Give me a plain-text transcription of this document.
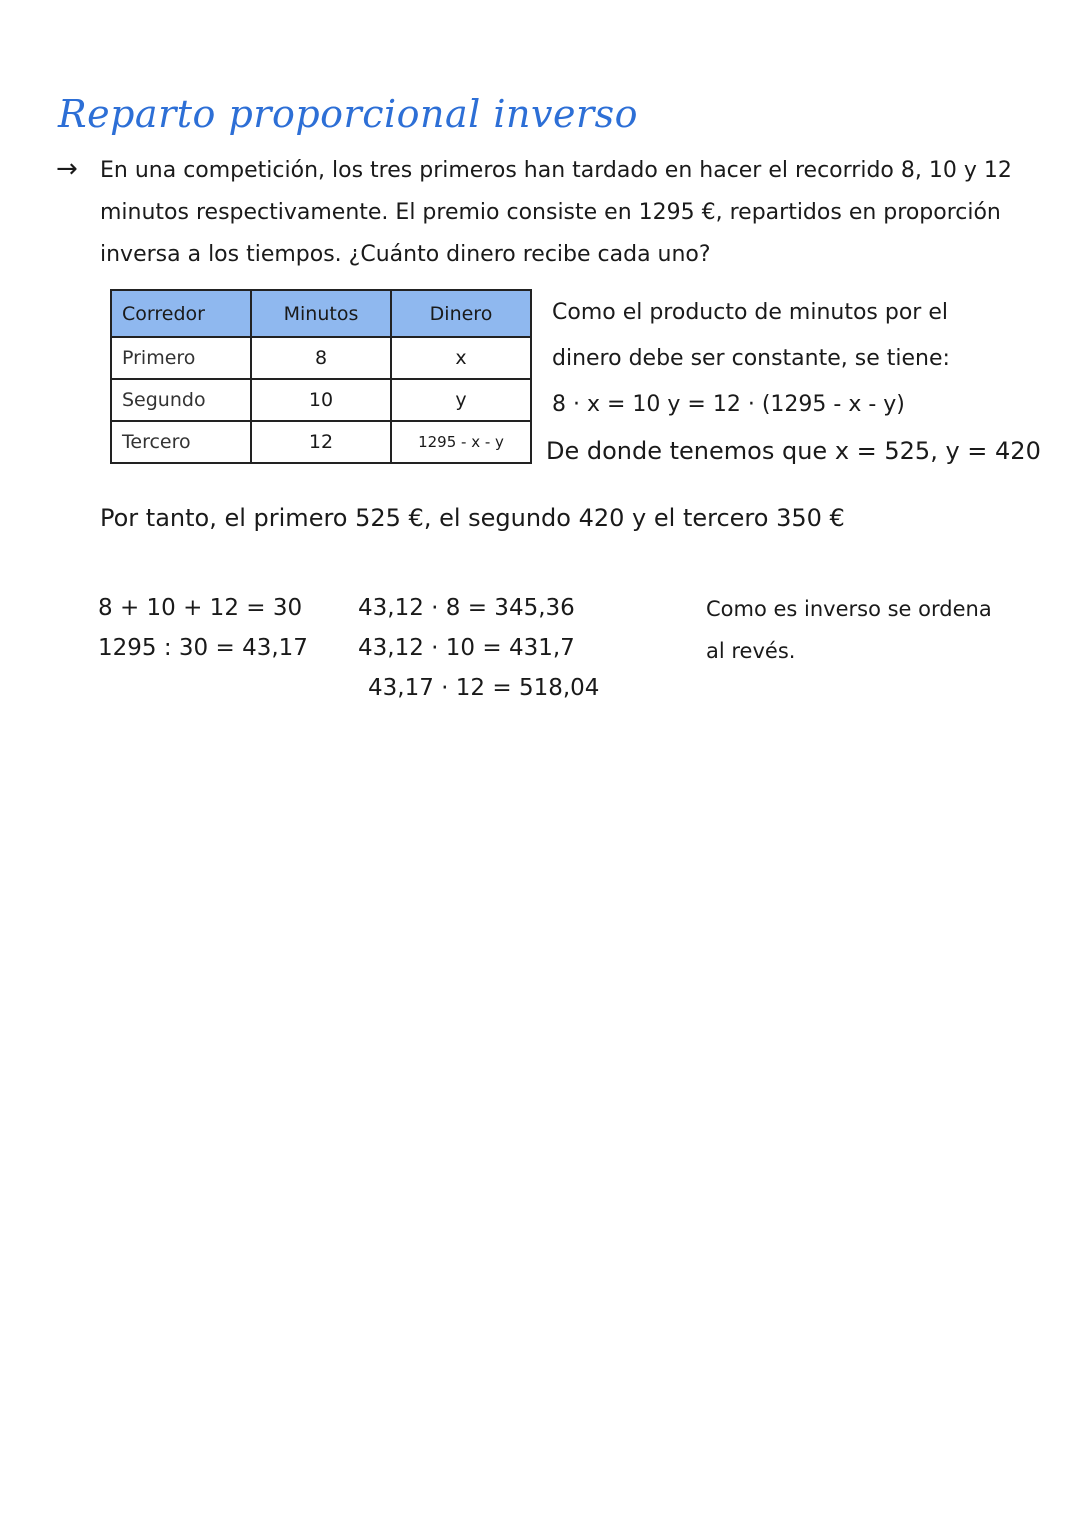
Reparto proporcional inverso
→ En una competición, los tres primeros han tardado en hacer el recorrido 8, 10 y 12
minutos respectivamente. El premio consiste en 1295 €, repartidos en proporción
inversa a los tiempos. ¿Cuánto dinero recibe cada uno?
Corredor	Minutos	Dinero
Primero	8	x
Segundo	10	y
Tercero	12	1295 - x - y
Como el producto de minutos por el
dinero debe ser constante, se tiene:
8 · x = 10 y = 12 · (1295 - x - y)
De donde tenemos que x = 525, y = 420
Por tanto, el primero 525 €, el segundo 420 y el tercero 350 €
8 + 10 + 12 = 30
1295 : 30 = 43,17
43,12 · 8 = 345,36
43,12 · 10 = 431,7
43,17 · 12 = 518,04
Como es inverso se ordena
al revés.
